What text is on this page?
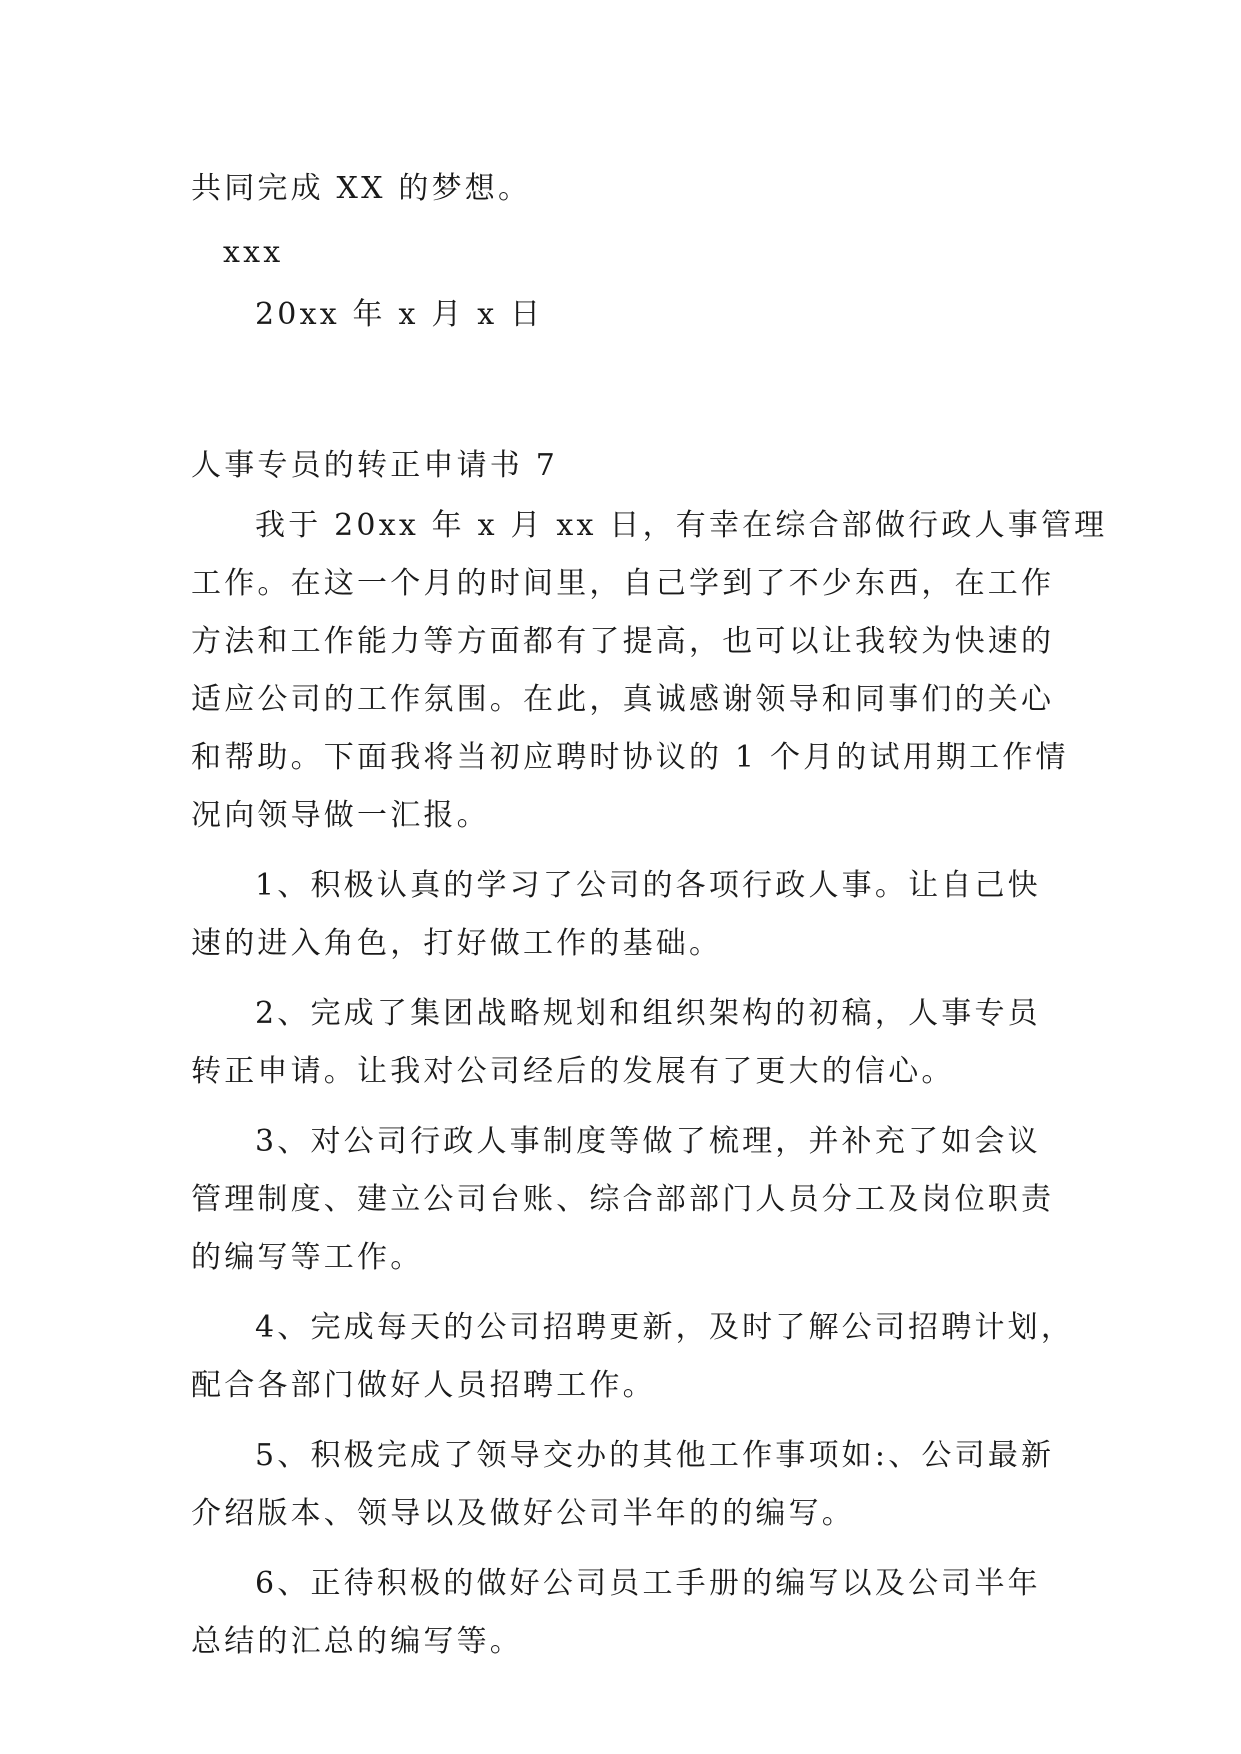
共同完成 XX 的梦想。

xxx

20xx 年 x 月 x 日

人事专员的转正申请书 7

我于 20xx 年 x 月 xx 日，有幸在综合部做行政人事管理

工作。在这一个月的时间里，自己学到了不少东西，在工作

方法和工作能力等方面都有了提高，也可以让我较为快速的

适应公司的工作氛围。在此，真诚感谢领导和同事们的关心

和帮助。下面我将当初应聘时协议的 1 个月的试用期工作情

况向领导做一汇报。

1、积极认真的学习了公司的各项行政人事。让自己快

速的进入角色，打好做工作的基础。

2、完成了集团战略规划和组织架构的初稿，人事专员

转正申请。让我对公司经后的发展有了更大的信心。

3、对公司行政人事制度等做了梳理，并补充了如会议

管理制度、建立公司台账、综合部部门人员分工及岗位职责

的编写等工作。

4、完成每天的公司招聘更新，及时了解公司招聘计划，

配合各部门做好人员招聘工作。

5、积极完成了领导交办的其他工作事项如:、公司最新

介绍版本、领导以及做好公司半年的的编写。

6、正待积极的做好公司员工手册的编写以及公司半年

总结的汇总的编写等。
